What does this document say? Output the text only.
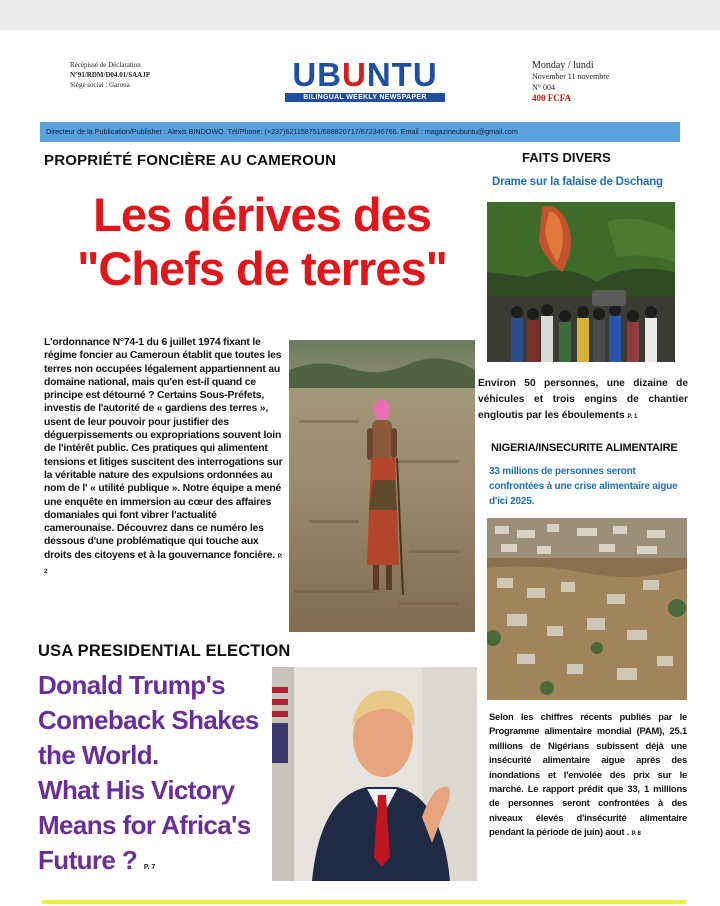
Récépissé de Déclaration
N°91/RDM/D04.01/SAAJP
Siège social : Garoua	UBUNTU
BILINGUAL WEEKLY NEWSPAPER
Monday / lundi
November 11 novembre
N° 004
400 FCFA
Directeur de la Publication/Publisher : Alexis BINDOWO. Tél/Phone: (+237)621158751/688820717/672346766. Email : magazineubuntu@gmail.com
PROPRIÉTÉ FONCIÈRE AU CAMEROUN
Les dérives des
"Chefs de terres"
L'ordonnance N°74-1 du 6 juillet 1974 fixant le régime foncier au Cameroun établit que toutes les terres non occupées légalement appartiennent au domaine national, mais qu'en est-il quand ce principe est détourné ? Certains Sous-Préfets, investis de l'autorité de « gardiens des terres », usent de leur pouvoir pour justifier des déguerpissements ou expropriations souvent loin de l'intérêt public. Ces pratiques qui alimentent tensions et litiges suscitent des interrogations sur la véritable nature des expulsions ordonnées au nom de l' « utilité publique ». Notre équipe a mené une enquête en immersion au cœur des affaires domaniales qui font vibrer l'actualité camerounaise. Découvrez dans ce numéro les dessous d'une problématique qui touche aux droits des citoyens et à la gouvernance foncière. P. 2
FAITS DIVERS
Drame sur la falaise de Dschang
Environ 50 personnes, une dizaine de véhicules et trois engins de chantier engloutis par les éboulements P. 1
NIGERIA/INSECURITE ALIMENTAIRE
33 millions de personnes seront confrontées à une crise alimentaire aigue d'ici 2025.
Selon les chiffres récents publiés par le Programme alimentaire mondial (PAM), 25.1 millions de Nigérians subissent déjà une insécurité alimentaire aigue après des inondations et l'envolée des prix sur le marché. Le rapport prédit que 33, 1 millions de personnes seront confrontées à des niveaux élevés d'insécurité alimentaire pendant la période de juin) aout . P. 8
USA PRESIDENTIAL ELECTION
Donald Trump's
Comeback Shakes
the World.
What His Victory
Means for Africa's
Future ? P. 7
